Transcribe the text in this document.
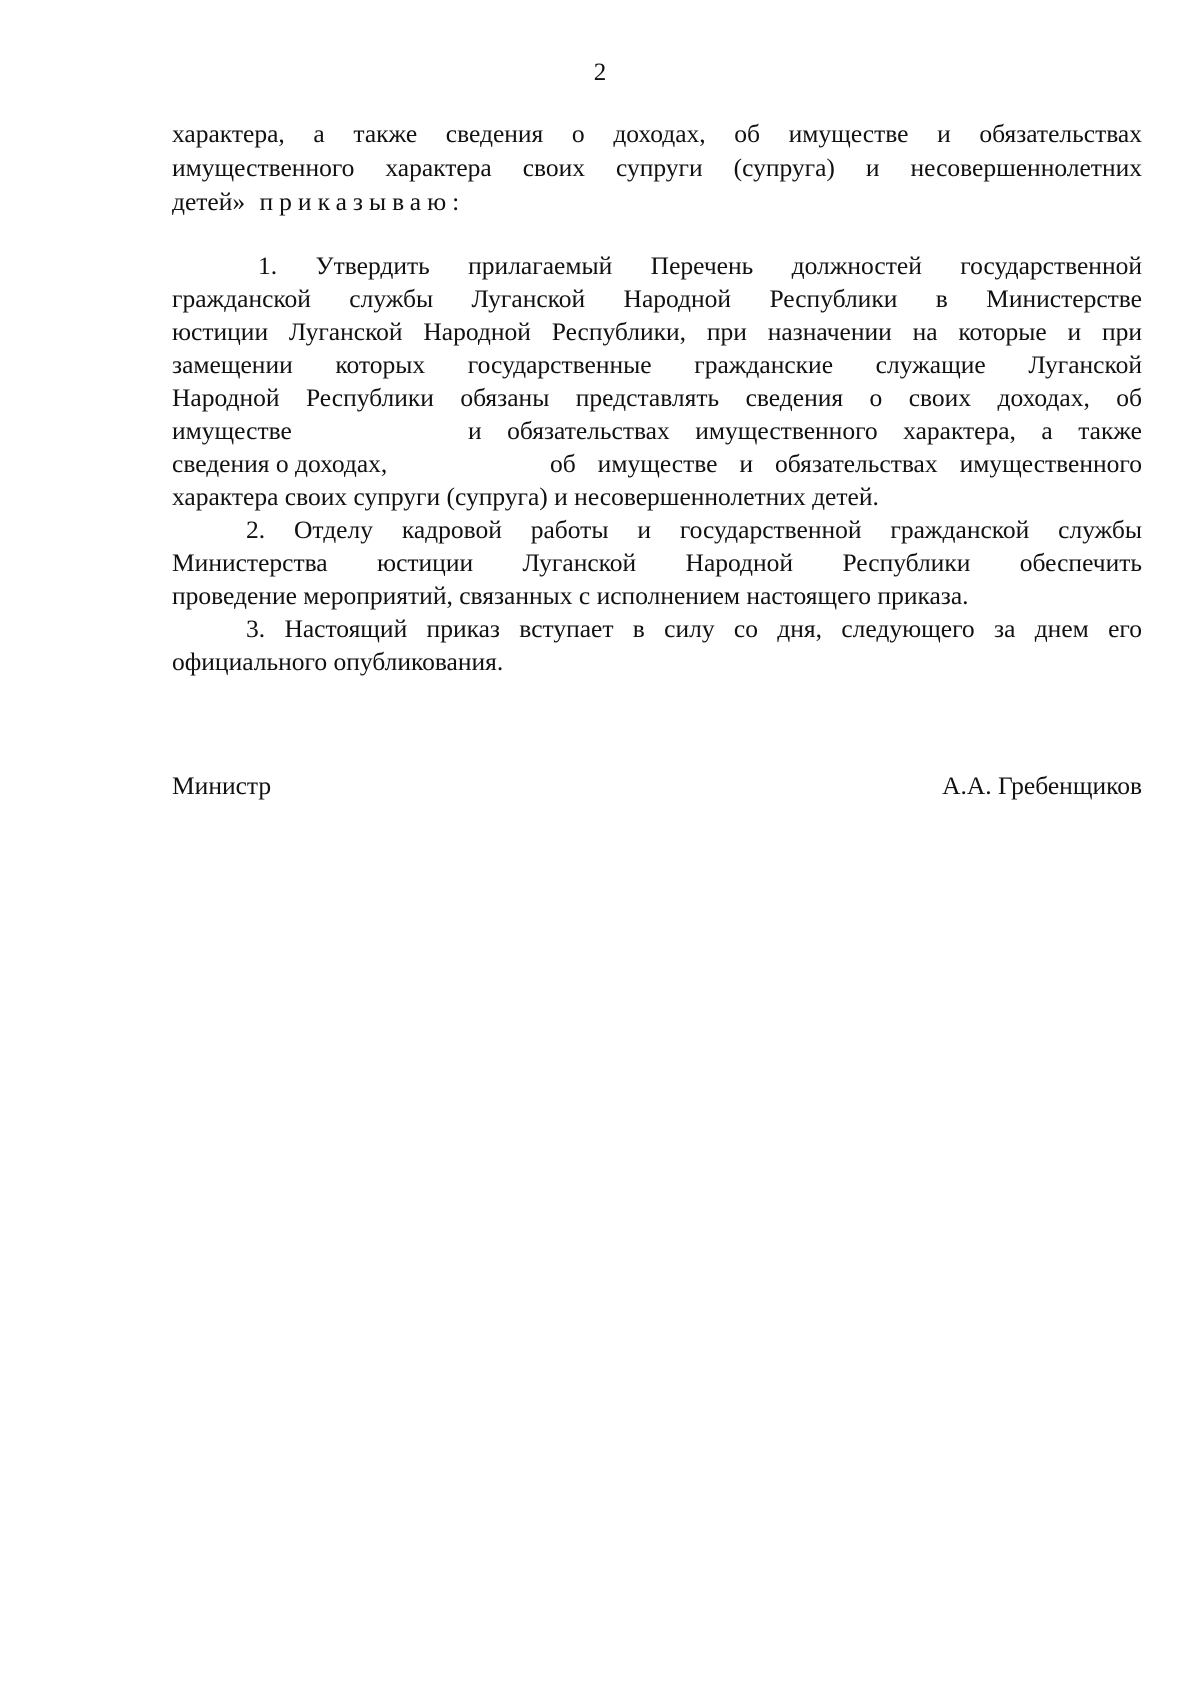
2
характера, а также сведения о доходах, об имуществе и обязательствах
имущественного характера своих супруги (супруга) и несовершеннолетних
детей» приказываю:
1. Утвердить прилагаемый Перечень должностей государственной
гражданской службы Луганской Народной Республики в Министерстве
юстиции Луганской Народной Республики, при назначении на которые и при
замещении которых государственные гражданские служащие Луганской
Народной Республики обязаны представлять сведения о своих доходах, об
имуществе	и обязательствах имущественного характера, а также
сведения о доходах,	об имуществе и обязательствах имущественного
характера своих супруги (супруга) и несовершеннолетних детей.
2. Отделу кадровой работы и государственной гражданской службы
Министерства юстиции Луганской Народной Республики обеспечить
проведение мероприятий, связанных с исполнением настоящего приказа.
3. Настоящий приказ вступает в силу со дня, следующего за днем его
официального опубликования.
Министр	А.А. Гребенщиков
